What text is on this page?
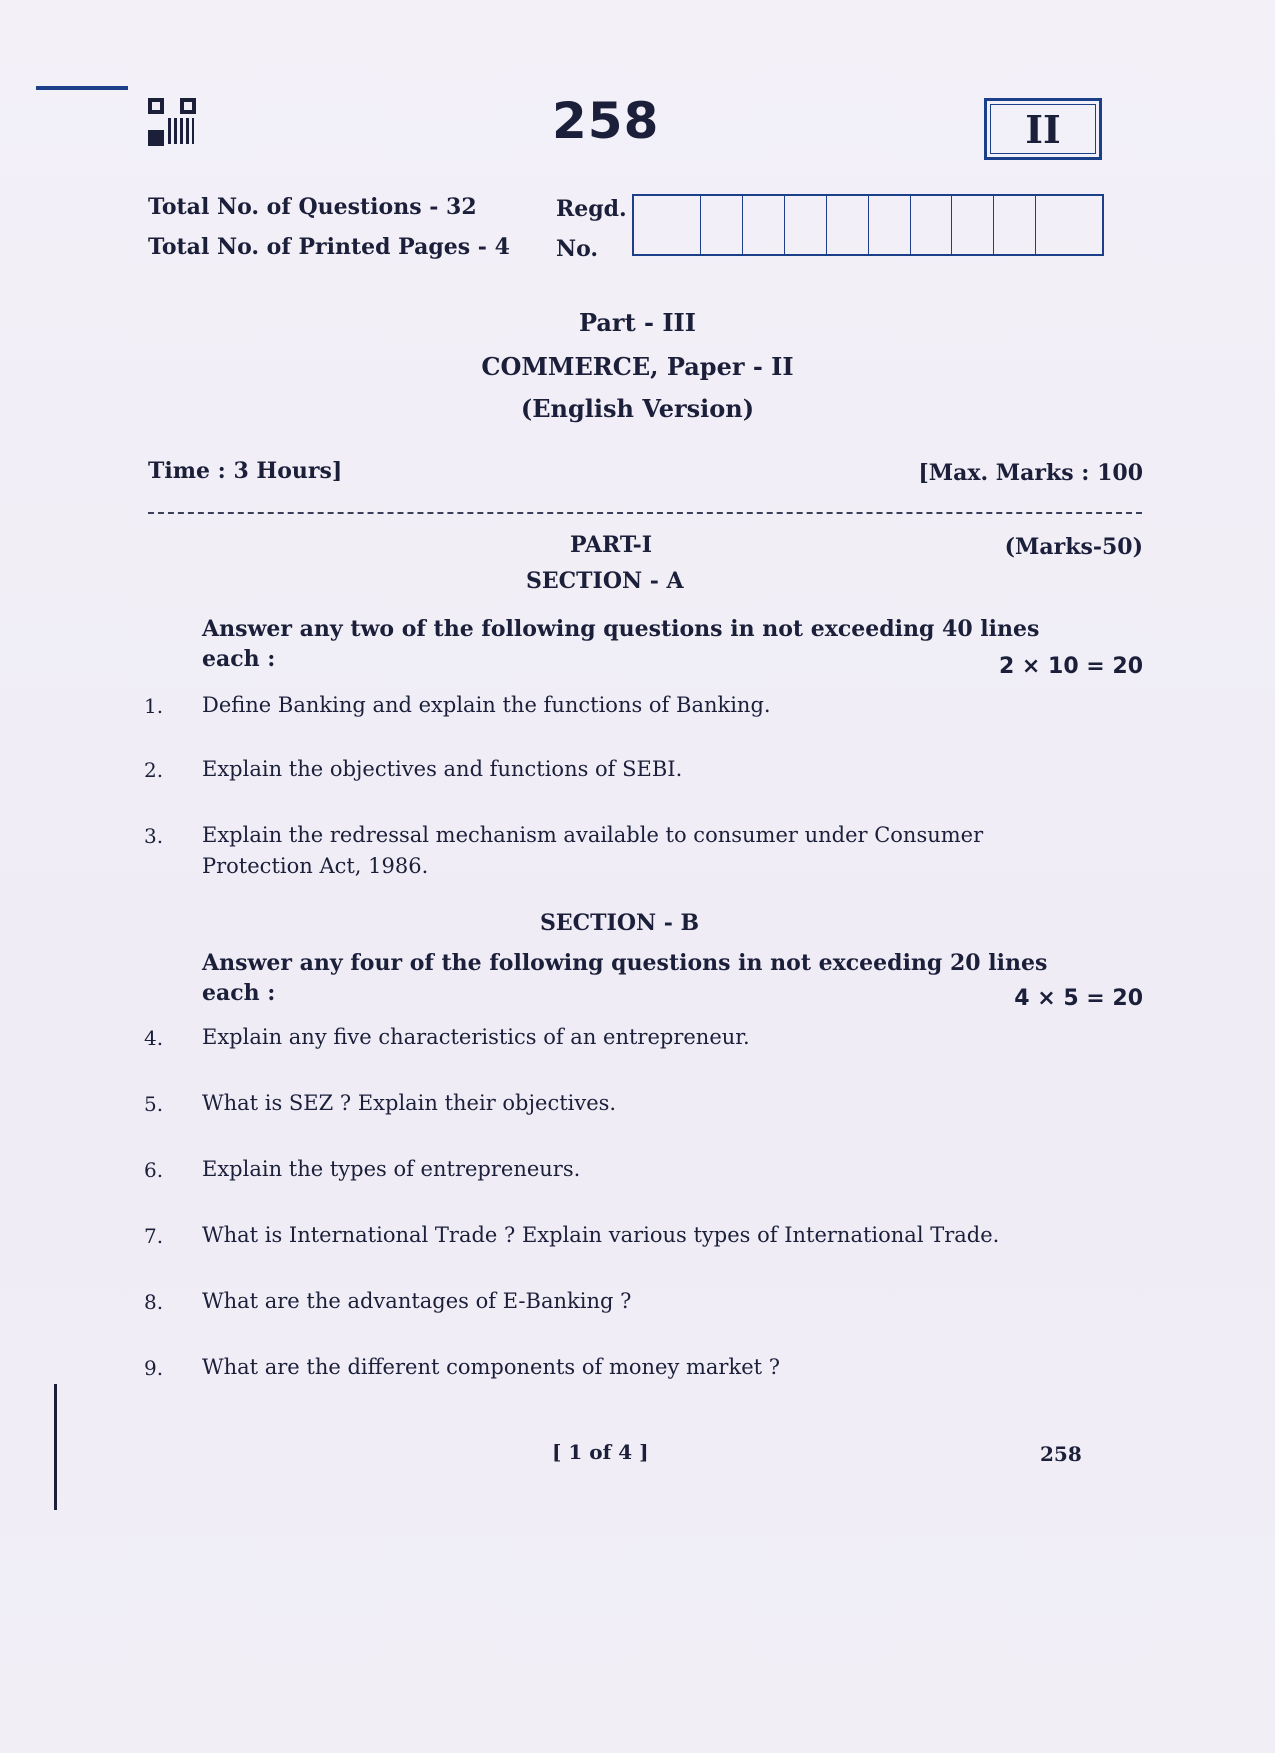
258	II
Total No. of Questions - 32
Total No. of Printed Pages - 4
Regd.
No.
Part - III
COMMERCE, Paper - II
(English Version)
Time : 3 Hours]	[Max. Marks : 100
PART-I	(Marks-50)
SECTION - A
Answer any two of the following questions in not exceeding 40 lines each :	2 × 10 = 20
1. Define Banking and explain the functions of Banking.
2. Explain the objectives and functions of SEBI.
3. Explain the redressal mechanism available to consumer under Consumer Protection Act, 1986.
SECTION - B
Answer any four of the following questions in not exceeding 20 lines each :	4 × 5 = 20
4. Explain any five characteristics of an entrepreneur.
5. What is SEZ ? Explain their objectives.
6. Explain the types of entrepreneurs.
7. What is International Trade ? Explain various types of International Trade.
8. What are the advantages of E-Banking ?
9. What are the different components of money market ?
[ 1 of 4 ]	258
